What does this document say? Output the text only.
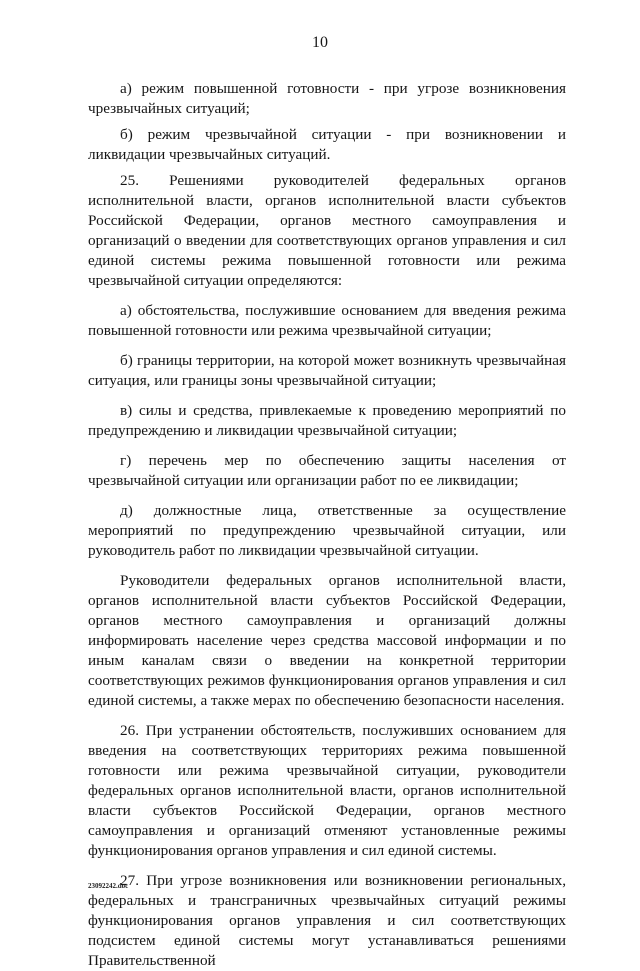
10

а) режим повышенной готовности - при угрозе возникновения чрезвычайных ситуаций;

б) режим чрезвычайной ситуации - при возникновении и ликвидации чрезвычайных ситуаций.

25. Решениями руководителей федеральных органов исполнительной власти, органов исполнительной власти субъектов Российской Федерации, органов местного самоуправления и организаций о введении для соответствующих органов управления и сил единой системы режима повышенной готовности или режима чрезвычайной ситуации определяются:

а) обстоятельства, послужившие основанием для введения режима повышенной готовности или режима чрезвычайной ситуации;

б) границы территории, на которой может возникнуть чрезвычайная ситуация, или границы зоны чрезвычайной ситуации;

в) силы и средства, привлекаемые к проведению мероприятий по предупреждению и ликвидации чрезвычайной ситуации;

г) перечень мер по обеспечению защиты населения от чрезвычайной ситуации или организации работ по ее ликвидации;

д) должностные лица, ответственные за осуществление мероприятий по предупреждению чрезвычайной ситуации, или руководитель работ по ликвидации чрезвычайной ситуации.

Руководители федеральных органов исполнительной власти, органов исполнительной власти субъектов Российской Федерации, органов местного самоуправления и организаций должны информировать население через средства массовой информации и по иным каналам связи о введении на конкретной территории соответствующих режимов функционирования органов управления и сил единой системы, а также мерах по обеспечению безопасности населения.

26. При устранении обстоятельств, послуживших основанием для введения на соответствующих территориях режима повышенной готовности или режима чрезвычайной ситуации, руководители федеральных органов исполнительной власти, органов исполнительной власти субъектов Российской Федерации, органов местного самоуправления и организаций отменяют установленные режимы функционирования органов управления и сил единой системы.

27. При угрозе возникновения или возникновении региональных, федеральных и трансграничных чрезвычайных ситуаций режимы функционирования органов управления и сил соответствующих подсистем единой системы могут устанавливаться решениями Правительственной

23092242.doc
